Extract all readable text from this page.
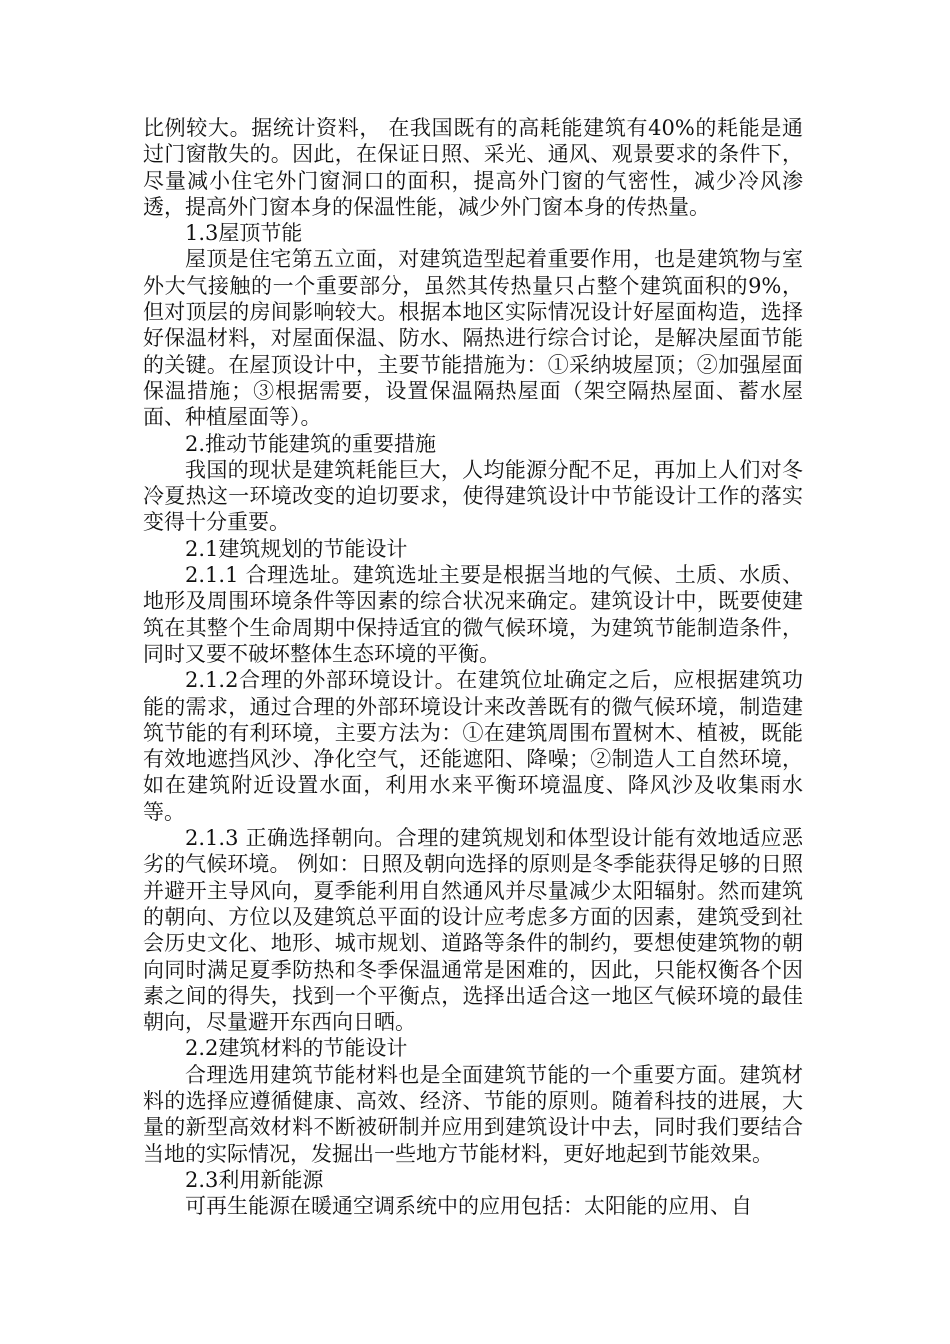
比例较大。据统计资料， 在我国既有的高耗能建筑有40%的耗能是通过门窗散失的。因此，在保证日照、采光、通风、观景要求的条件下，尽量减小住宅外门窗洞口的面积，提高外门窗的气密性，减少冷风渗透，提高外门窗本身的保温性能，减少外门窗本身的传热量。

1.3屋顶节能

屋顶是住宅第五立面，对建筑造型起着重要作用，也是建筑物与室外大气接触的一个重要部分，虽然其传热量只占整个建筑面积的9%，但对顶层的房间影响较大。根据本地区实际情况设计好屋面构造，选择好保温材料，对屋面保温、防水、隔热进行综合讨论，是解决屋面节能的关键。在屋顶设计中，主要节能措施为：①采纳坡屋顶；②加强屋面保温措施；③根据需要，设置保温隔热屋面（架空隔热屋面、蓄水屋面、种植屋面等）。

2.推动节能建筑的重要措施

我国的现状是建筑耗能巨大，人均能源分配不足，再加上人们对冬冷夏热这一环境改变的迫切要求，使得建筑设计中节能设计工作的落实变得十分重要。

2.1建筑规划的节能设计

2.1.1 合理选址。建筑选址主要是根据当地的气候、土质、水质、地形及周围环境条件等因素的综合状况来确定。建筑设计中，既要使建筑在其整个生命周期中保持适宜的微气候环境，为建筑节能制造条件， 同时又要不破坏整体生态环境的平衡。

2.1.2合理的外部环境设计。在建筑位址确定之后，应根据建筑功能的需求，通过合理的外部环境设计来改善既有的微气候环境，制造建筑节能的有利环境，主要方法为：①在建筑周围布置树木、植被，既能有效地遮挡风沙、净化空气，还能遮阳、降噪；②制造人工自然环境，如在建筑附近设置水面，利用水来平衡环境温度、降风沙及收集雨水等。

2.1.3 正确选择朝向。合理的建筑规划和体型设计能有效地适应恶劣的气候环境。 例如：日照及朝向选择的原则是冬季能获得足够的日照并避开主导风向，夏季能利用自然通风并尽量减少太阳辐射。然而建筑的朝向、方位以及建筑总平面的设计应考虑多方面的因素，建筑受到社会历史文化、地形、城市规划、道路等条件的制约，要想使建筑物的朝向同时满足夏季防热和冬季保温通常是困难的，因此，只能权衡各个因素之间的得失，找到一个平衡点，选择出适合这一地区气候环境的最佳朝向，尽量避开东西向日晒。

2.2建筑材料的节能设计

合理选用建筑节能材料也是全面建筑节能的一个重要方面。建筑材料的选择应遵循健康、高效、经济、节能的原则。随着科技的进展，大量的新型高效材料不断被研制并应用到建筑设计中去，同时我们要结合当地的实际情况，发掘出一些地方节能材料，更好地起到节能效果。

2.3利用新能源

可再生能源在暖通空调系统中的应用包括：太阳能的应用、自
